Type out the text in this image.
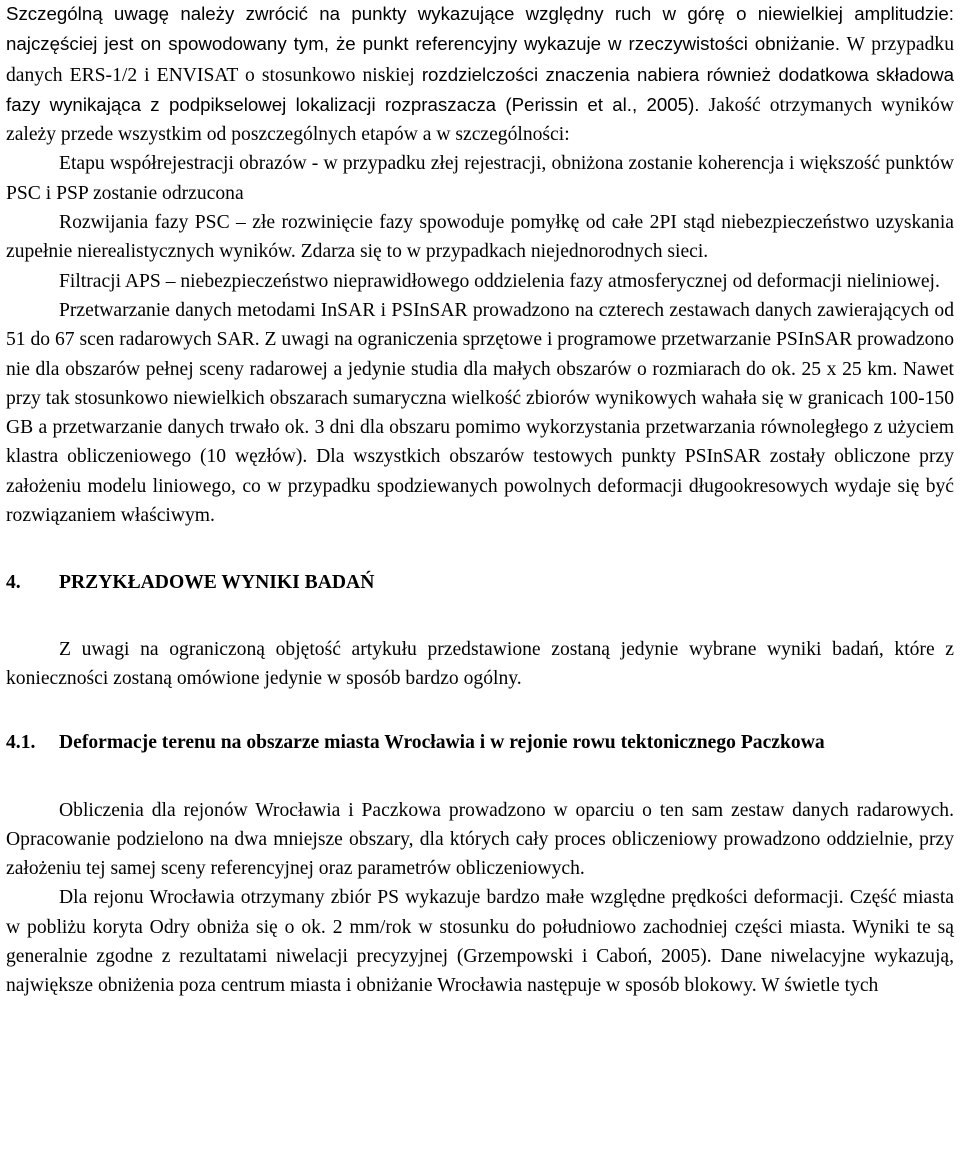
Szczególną uwagę należy zwrócić na punkty wykazujące względny ruch w górę o niewielkiej amplitudzie: najczęściej jest on spowodowany tym, że punkt referencyjny wykazuje w rzeczywistości obniżanie. W przypadku danych ERS-1/2 i ENVISAT o stosunkowo niskiej rozdzielczości znaczenia nabiera również dodatkowa składowa fazy wynikająca z podpikselowej lokalizacji rozpraszacza (Perissin et al., 2005). Jakość otrzymanych wyników zależy przede wszystkim od poszczególnych etapów a w szczególności:

Etapu współrejestracji obrazów - w przypadku złej rejestracji, obniżona zostanie koherencja i większość punktów PSC i PSP zostanie odrzucona

Rozwijania fazy PSC – złe rozwinięcie fazy spowoduje pomyłkę od całe 2PI stąd niebezpieczeństwo uzyskania zupełnie nierealistycznych wyników. Zdarza się to w przypadkach niejednorodnych sieci.

Filtracji APS – niebezpieczeństwo nieprawidłowego oddzielenia fazy atmosferycznej od deformacji nieliniowej.

Przetwarzanie danych metodami InSAR i PSInSAR prowadzono na czterech zestawach danych zawierających od 51 do 67 scen radarowych SAR. Z uwagi na ograniczenia sprzętowe i programowe przetwarzanie PSInSAR prowadzono nie dla obszarów pełnej sceny radarowej a jedynie studia dla małych obszarów o rozmiarach do ok. 25 x 25 km. Nawet przy tak stosunkowo niewielkich obszarach sumaryczna wielkość zbiorów wynikowych wahała się w granicach 100-150 GB a przetwarzanie danych trwało ok. 3 dni dla obszaru pomimo wykorzystania przetwarzania równoległego z użyciem klastra obliczeniowego (10 węzłów). Dla wszystkich obszarów testowych punkty PSInSAR zostały obliczone przy założeniu modelu liniowego, co w przypadku spodziewanych powolnych deformacji długookresowych wydaje się być rozwiązaniem właściwym.

4.	PRZYKŁADOWE WYNIKI BADAŃ

Z uwagi na ograniczoną objętość artykułu przedstawione zostaną jedynie wybrane wyniki badań, które z konieczności zostaną omówione jedynie w sposób bardzo ogólny.

4.1.	Deformacje terenu na obszarze miasta Wrocławia i w rejonie rowu tektonicznego Paczkowa

Obliczenia dla rejonów Wrocławia i Paczkowa prowadzono w oparciu o ten sam zestaw danych radarowych. Opracowanie podzielono na dwa mniejsze obszary, dla których cały proces obliczeniowy prowadzono oddzielnie, przy założeniu tej samej sceny referencyjnej oraz parametrów obliczeniowych.

Dla rejonu Wrocławia otrzymany zbiór PS wykazuje bardzo małe względne prędkości deformacji. Część miasta w pobliżu koryta Odry obniża się o ok. 2 mm/rok w stosunku do południowo zachodniej części miasta. Wyniki te są generalnie zgodne z rezultatami niwelacji precyzyjnej (Grzempowski i Caboń, 2005). Dane niwelacyjne wykazują, największe obniżenia poza centrum miasta i obniżanie Wrocławia następuje w sposób blokowy. W świetle tych
